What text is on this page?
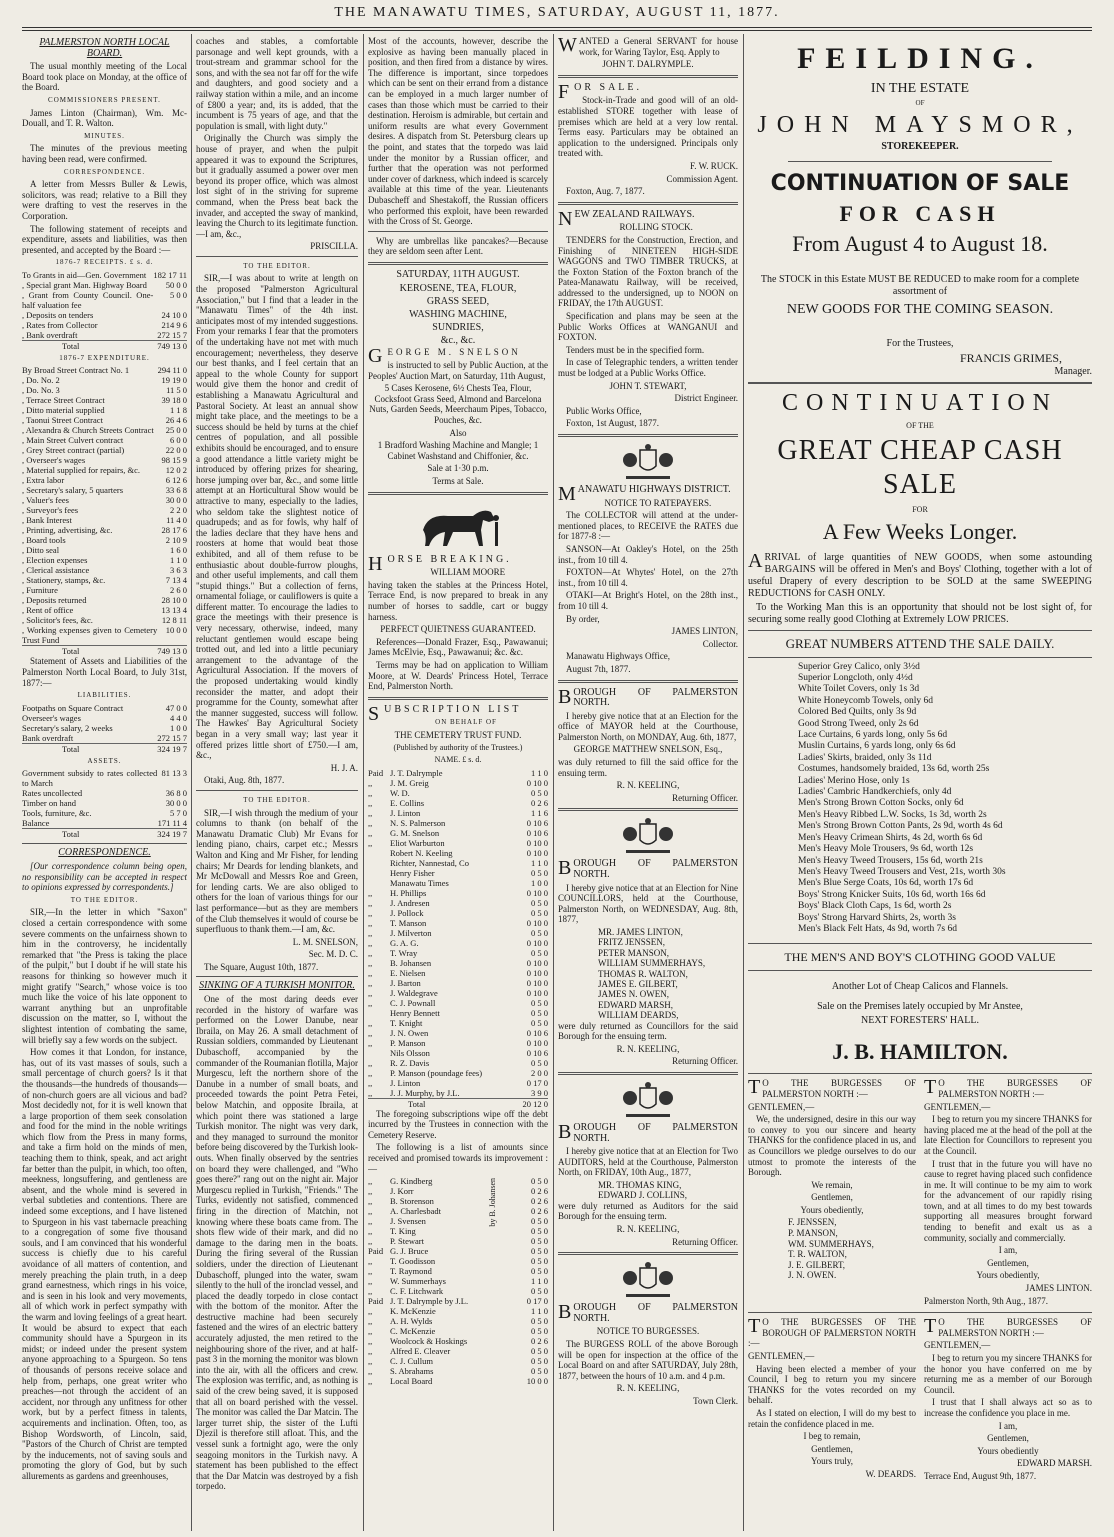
THE MANAWATU TIMES, SATURDAY, AUGUST 11, 1877.
PALMERSTON NORTH LOCAL BOARD.

The usual monthly meeting of the Local Board took place on Monday, at the office of the Board.

COMMISSIONERS PRESENT.

James Linton (Chairman), Wm. Mc-Douall, and T. R. Walton.

MINUTES.

The minutes of the previous meeting having been read, were confirmed.

CORRESPONDENCE.

A letter from Messrs Buller & Lewis, solicitors, was read; relative to a Bill they were drafting to vest the reserves in the Corporation.

The following statement of receipts and expenditure, assets and liabilities, was then presented, and accepted by the Board :—

1876-7 RECEIPTS. £ s. d.
To Grants in aid—Gen. Government	182 17 11
, Special grant Man. Highway Board	50 0 0
, Grant from County Council. One-half valuation fee	5 0 0
, Deposits on tenders	24 10 0
, Rates from Collector	214 9 6
, Bank overdraft	272 15 7
Total	749 13 0
1876-7 EXPENDITURE.
By Broad Street Contract No. 1	294 11 0
, Do. No. 2	19 19 0
, Do. No. 3	11 5 0
, Terrace Street Contract	39 18 0
, Ditto material supplied	1 1 8
, Taonui Street Contract	26 4 6
, Alexandra & Church Streets Contract	25 0 0
, Main Street Culvert contract	6 0 0
, Grey Street contract (partial)	22 0 0
, Overseer's wages	98 15 9
, Material supplied for repairs, &c.	12 0 2
, Extra labor	6 12 6
, Secretary's salary, 5 quarters	33 6 8
, Valuer's fees	30 0 0
, Surveyor's fees	2 2 0
, Bank Interest	11 4 0
, Printing, advertising, &c.	28 17 6
, Board tools	2 10 9
, Ditto seal	1 6 0
, Election expenses	1 1 0
, Clerical assistance	3 6 3
, Stationery, stamps, &c.	7 13 4
, Furniture	2 6 0
, Deposits returned	28 10 0
, Rent of office	13 13 4
, Solicitor's fees, &c.	12 8 11
, Working expenses given to Cemetery Trust Fund	10 0 0
Total	749 13 0

Statement of Assets and Liabilities of the Palmerston North Local Board, to July 31st, 1877:—

LIABILITIES.
Footpaths on Square Contract	47 0 0
Overseer's wages	4 4 0
Secretary's salary, 2 weeks	1 0 0
Bank overdraft	272 15 7
Total	324 19 7
ASSETS.
Government subsidy to rates collected to March	81 13 3
Rates uncollected	36 8 0
Timber on hand	30 0 0
Tools, furniture, &c.	5 7 0
Balance	171 11 4
Total	324 19 7
CORRESPONDENCE.

[Our correspondence column being open, no responsibility can be accepted in respect to opinions expressed by correspondents.]

TO THE EDITOR.

SIR,—In the letter in which "Saxon" closed a certain correspondence with some severe comments on the unfairness shown to him in the controversy, he incidentally remarked that "the Press is taking the place of the pulpit," but I doubt if he will state his reasons for thinking so however much it might gratify "Search," whose voice is too much like the voice of his late opponent to warrant anything but an unprofitable discussion on the matter, so I, without the slightest intention of combating the same, will briefly say a few words on the subject.

How comes it that London, for instance, has, out of its vast masses of souls, such a small percentage of church goers? Is it that the thousands—the hundreds of thousands—of non-church goers are all vicious and bad? Most decidedly not, for it is well known that a large proportion of them seek consolation and food for the mind in the noble writings which flow from the Press in many forms, and take a firm hold on the minds of men, teaching them to think, speak, and act aright far better than the pulpit, in which, too often, meekness, longsuffering, and gentleness are absent, and the whole mind is severed in verbal subtleties and contentions. There are indeed some exceptions, and I have listened to Spurgeon in his vast tabernacle preaching to a congregation of some five thousand souls, and I am convinced that his wonderful success is chiefly due to his careful avoidance of all matters of contention, and merely preaching the plain truth, in a deep grand earnestness, which rings in his voice, and is seen in his look and very movements, all of which work in perfect sympathy with the warm and loving feelings of a great heart. It would be absurd to expect that each community should have a Spurgeon in its midst; or indeed under the present system anyone approaching to a Spurgeon. So tens of thousands of persons receive solace and help from, perhaps, one great writer who preaches—not through the accident of an accident, nor through any unfitness for other work, but by a perfect fitness in talents, acquirements and inclination. Often, too, as Bishop Wordsworth, of Lincoln, said, "Pastors of the Church of Christ are tempted by the inducements, not of saving souls and promoting the glory of God, but by such allurements as gardens and greenhouses,

coaches and stables, a comfortable parsonage and well kept grounds, with a trout-stream and grammar school for the sons, and with the sea not far off for the wife and daughters, and good society and a railway station within a mile, and an income of £800 a year; and, its is added, that the incumbent is 75 years of age, and that the population is small, with light duty."

Originally the Church was simply the house of prayer, and when the pulpit appeared it was to expound the Scriptures, but it gradually assumed a power over men beyond its proper office, which was almost lost sight of in the striving for supreme command, when the Press beat back the invader, and accepted the sway of mankind, leaving the Church to its legitimate function.—I am, &c.,

PRISCILLA.

TO THE EDITOR.

SIR,—I was about to write at length on the proposed "Palmerston Agricultural Association," but I find that a leader in the "Manawatu Times" of the 4th inst. anticipates most of my intended suggestions. From your remarks I fear that the promoters of the undertaking have not met with much encouragement; nevertheless, they deserve our best thanks, and I feel certain that an appeal to the whole County for support would give them the honor and credit of establishing a Manawatu Agricultural and Pastoral Society. At least an annual show might take place, and the meetings to be a success should be held by turns at the chief centres of population, and all possible exhibits should be encouraged, and to ensure a good attendance a little variety might be introduced by offering prizes for shearing, horse jumping over bar, &c., and some little attempt at an Horticultural Show would be attractive to many, especially to the ladies, who seldom take the slightest notice of quadrupeds; and as for fowls, why half of the ladies declare that they have hens and roosters at home that would beat those exhibited, and all of them refuse to be enthusiastic about double-furrow ploughs, and other useful implements, and call them "stupid things." But a collection of ferns, ornamental foliage, or cauliflowers is quite a different matter. To encourage the ladies to grace the meetings with their presence is very necessary, otherwise, indeed, many reluctant gentlemen would escape being trotted out, and led into a little pecuniary arrangement to the advantage of the Agricultural Association. If the movers of the proposed undertaking would kindly reconsider the matter, and adopt their programme for the County, somewhat after the manner suggested, success will follow. The Hawkes' Bay Agricultural Society began in a very small way; last year it offered prizes little short of £750.—I am, &c.,

H. J. A.

Otaki, Aug. 8th, 1877.

TO THE EDITOR.

SIR,—I wish through the medium of your columns to thank (on behalf of the Manawatu Dramatic Club) Mr Evans for lending piano, chairs, carpet etc.; Messrs Walton and King and Mr Fisher, for lending chairs; Mr Deards for lending blankets, and Mr McDowall and Messrs Roe and Green, for lending carts. We are also obliged to others for the loan of various things for our last performance—but as they are members of the Club themselves it would of course be superfluous to thank them.—I am, &c.

L. M. SNELSON,

Sec. M. D. C.

The Square, August 10th, 1877.

SINKING OF A TURKISH MONITOR.

One of the most daring deeds ever recorded in the history of warfare was performed on the Lower Danube, near Ibraila, on May 26. A small detachment of Russian soldiers, commanded by Lieutenant Dubaschoff, accompanied by the commander of the Roumanian flotilla, Major Murgescu, left the northern shore of the Danube in a number of small boats, and proceeded towards the point Petra Fetei, below Matchin, and opposite Ibraila, at which point there was stationed a large Turkish monitor. The night was very dark, and they managed to surround the monitor before being discovered by the Turkish look-outs. When finally observed by the sentries on board they were challenged, and "Who goes there?" rang out on the night air. Major Murgescu replied in Turkish, "Friends." The Turks, evidently not satisfied, commenced firing in the direction of Matchin, not knowing where these boats came from. The shots flew wide of their mark, and did no damage to the daring men in the boats. During the firing several of the Russian soldiers, under the direction of Lieutenant Dubaschoff, plunged into the water, swam silently to the hull of the ironclad vessel, and placed the deadly torpedo in close contact with the bottom of the monitor. After the destructive machine had been securely fastened and the wires of an electric battery accurately adjusted, the men retired to the neighbouring shore of the river, and at half-past 3 in the morning the monitor was blown into the air, with all the officers and crew. The explosion was terrific, and, as nothing is said of the crew being saved, it is supposed that all on board perished with the vessel. The monitor was called the Dar Matcin. The larger turret ship, the sister of the Lufti Djezil is therefore still afloat. This, and the vessel sunk a fortnight ago, were the only seagoing monitors in the Turkish navy. A statement has been published to the effect that the Dar Matcin was destroyed by a fish torpedo.

Most of the accounts, however, describe the explosive as having been manually placed in position, and then fired from a distance by wires. The difference is important, since torpedoes which can be sent on their errand from a distance can be employed in a much larger number of cases than those which must be carried to their destination. Heroism is admirable, but certain and uniform results are what every Government desires. A dispatch from St. Petersburg clears up the point, and states that the torpedo was laid under the monitor by a Russian officer, and further that the operation was not performed under cover of darkness, which indeed is scarcely available at this time of the year. Lieutenants Dubascheff and Shestakoff, the Russian officers who performed this exploit, have been rewarded with the Cross of St. George.

Why are umbrellas like pancakes?—Because they are seldom seen after Lent.

SATURDAY, 11TH AUGUST.

KEROSENE, TEA, FLOUR,
GRASS SEED,
WASHING MACHINE,
SUNDRIES,
&c., &c.

GEORGE M. SNELSON

is instructed to sell by Public Auction, at the Peoples' Auction Mart, on Saturday, 11th August,

5 Cases Kerosene, 6½ Chests Tea, Flour, Cocksfoot Grass Seed, Almond and Barcelona Nuts, Garden Seeds, Meerchaum Pipes, Tobacco, Pouches, &c.

Also

1 Bradford Washing Machine and Mangle; 1 Cabinet Washstand and Chiffonier, &c.

Sale at 1·30 p.m.

Terms at Sale.

HORSE BREAKING.

WILLIAM MOORE

having taken the stables at the Princess Hotel, Terrace End, is now prepared to break in any number of horses to saddle, cart or buggy harness.

PERFECT QUIETNESS GUARANTEED.

References—Donald Frazer, Esq., Pawawanui; James McElvie, Esq., Pawawanui; &c. &c.

Terms may be had on application to William Moore, at W. Deards' Princess Hotel, Terrace End, Palmerston North.

SUBSCRIPTION LIST

ON BEHALF OF

THE CEMETERY TRUST FUND.

(Published by authority of the Trustees.)

NAME. £ s. d.

Paid	J. T. Dalrymple	1 1 0
,,	J. M. Greig	0 10 0
,,	W. D.	0 5 0
,,	E. Collins	0 2 6
,,	J. Linton	1 1 6
,,	N. S. Palmerson	0 10 6
,,	G. M. Snelson	0 10 6
,,	Eliot Warburton	0 10 0
	Robert N. Keeling	0 10 0
	Richter, Nannestad, Co	1 1 0
	Henry Fisher	0 5 0
	Manawatu Times	1 0 0
,,	H. Phillips	0 10 0
,,	J. Andresen	0 5 0
,,	J. Pollock	0 5 0
,,	T. Manson	0 10 0
,,	J. Milverton	0 5 0
,,	G. A. G.	0 10 0
,,	T. Wray	0 5 0
,,	B. Johansen	0 10 0
,,	E. Nielsen	0 10 0
,,	J. Barton	0 10 0
,,	J. Waldegrave	0 10 0
,,	C. J. Pownall	0 5 0
	Henry Bennett	0 5 0
,,	T. Knight	0 5 0
,,	J. N. Owen	0 10 6
,,	P. Manson	0 10 0
	Nils Olsson	0 10 6
,,	R. Z. Davis	0 5 0
,,	P. Manson (poundage fees)	2 0 0
,,	J. Linton	0 17 0
,,	J. J. Murphy, by J.L.	3 9 0
Total	20 12 0

The foregoing subscriptions wipe off the debt incurred by the Trustees in connection with the Cemetery Reserve.

The following is a list of amounts since received and promised towards its improvement :—

,,	G. Kindberg	0 5 0
,,	J. Korr	0 2 6
,,	B. Storenson	0 2 6
,,	A. Charlesbadt	0 2 6
,,	J. Svensen	0 5 0
,,	T. King	0 5 0
,,	P. Stewart	0 5 0
Paid	G. J. Bruce	0 5 0
,,	T. Goodisson	0 5 0
,,	T. Raymond	0 5 0
,,	W. Summerhays	1 1 0
,,	C. F. Litchwark	0 5 0
Paid	J. T. Dalrymple by J.L.	0 17 0
,,	K. McKenzie	1 1 0
,,	A. H. Wylds	0 5 0
,,	C. McKenzie	0 5 0
,,	Woolcock & Hoskings	0 2 6
,,	Alfred E. Cleaver	0 5 0
,,	C. J. Cullum	0 5 0
,,	S. Abrahams	0 5 0
,,	Local Board	10 0 0
by B. Johansen

WANTED a General SERVANT for house work, for Waring Taylor, Esq. Apply to

JOHN T. DALRYMPLE.

FOR SALE.

Stock-in-Trade and good will of an old-established STORE together with lease of premises which are held at a very low rental. Terms easy. Particulars may be obtained an application to the undersigned. Principals only treated with.

F. W. RUCK.

Commission Agent.

Foxton, Aug. 7, 1877.

NEW ZEALAND RAILWAYS.

ROLLING STOCK.

TENDERS for the Construction, Erection, and Finishing of NINETEEN HIGH-SIDE WAGGONS and TWO TIMBER TRUCKS, at the Foxton Station of the Foxton branch of the Patea-Manawatu Railway, will be received, addressed to the undersigned, up to NOON on FRIDAY, the 17th AUGUST.

Specification and plans may be seen at the Public Works Offices at WANGANUI and FOXTON.

Tenders must be in the specified form.

In case of Telegraphic tenders, a written tender must be lodged at a Public Works Office.

JOHN T. STEWART,

District Engineer.

Public Works Office,

Foxton, 1st August, 1877.

MANAWATU HIGHWAYS DISTRICT.

NOTICE TO RATEPAYERS.

The COLLECTOR will attend at the under-mentioned places, to RECEIVE the RATES due for 1877-8 :—

SANSON—At Oakley's Hotel, on the 25th inst., from 10 till 4.

FOXTON—At Whytes' Hotel, on the 27th inst., from 10 till 4.

OTAKI—At Bright's Hotel, on the 28th inst., from 10 till 4.

By order,

JAMES LINTON,

Collector.

Manawatu Highways Office,

August 7th, 1877.

BOROUGH OF PALMERSTON NORTH.

I hereby give notice that at an Election for the office of MAYOR held at the Courthouse, Palmerston North, on MONDAY, Aug. 6th, 1877,

GEORGE MATTHEW SNELSON, Esq.,

was duly returned to fill the said office for the ensuing term.

R. N. KEELING,

Returning Officer.

BOROUGH OF PALMERSTON NORTH.

I hereby give notice that at an Election for Nine COUNCILLORS, held at the Courthouse, Palmerston North, on WEDNESDAY, Aug. 8th, 1877,

MR. JAMES LINTON,
FRITZ JENSSEN,
PETER MANSON,
WILLIAM SUMMERHAYS,
THOMAS R. WALTON,
JAMES E. GILBERT,
JAMES N. OWEN,
EDWARD MARSH,
WILLIAM DEARDS,

were duly returned as Councillors for the said Borough for the ensuing term.

R. N. KEELING,

Returning Officer.

BOROUGH OF PALMERSTON NORTH.

I hereby give notice that at an Election for Two AUDITORS, held at the Courthouse, Palmerston North, on FRIDAY, 10th Aug., 1877,

MR. THOMAS KING,
EDWARD J. COLLINS,

were duly returned as Auditors for the said Borough for the ensuing term.

R. N. KEELING,

Returning Officer.

BOROUGH OF PALMERSTON NORTH.

NOTICE TO BURGESSES.

The BURGESS ROLL of the above Borough will be open for inspection at the office of the Local Board on and after SATURDAY, July 28th, 1877, between the hours of 10 a.m. and 4 p.m.

R. N. KEELING,

Town Clerk.

FEILDING.

IN THE ESTATE

OF

JOHN MAYSMOR,

STOREKEEPER.

CONTINUATION OF SALE

FOR CASH

From August 4 to August 18.

The STOCK in this Estate MUST BE REDUCED to make room for a complete assortment of

NEW GOODS FOR THE COMING SEASON.

For the Trustees,

FRANCIS GRIMES,

Manager.

CONTINUATION

OF THE

GREAT CHEAP CASH SALE

FOR

A Few Weeks Longer.

ARRIVAL of large quantities of NEW GOODS, when some astounding BARGAINS will be offered in Men's and Boys' Clothing, together with a lot of useful Drapery of every description to be SOLD at the same SWEEPING REDUCTIONS for CASH ONLY.

To the Working Man this is an opportunity that should not be lost sight of, for securing some really good Clothing at Extremely LOW PRICES.

GREAT NUMBERS ATTEND THE SALE DAILY.

Superior Grey Calico, only 3½d
Superior Longcloth, only 4½d
White Toilet Covers, only 1s 3d
White Honeycomb Towels, only 6d
Colored Bed Quilts, only 3s 9d
Good Strong Tweed, only 2s 6d
Lace Curtains, 6 yards long, only 5s 6d
Muslin Curtains, 6 yards long, only 6s 6d
Ladies' Skirts, braided, only 3s 11d
Costumes, handsomely braided, 13s 6d, worth 25s
Ladies' Merino Hose, only 1s
Ladies' Cambric Handkerchiefs, only 4d
Men's Strong Brown Cotton Socks, only 6d
Men's Heavy Ribbed L.W. Socks, 1s 3d, worth 2s
Men's Strong Brown Cotton Pants, 2s 9d, worth 4s 6d
Men's Heavy Crimean Shirts, 4s 2d, worth 6s 6d
Men's Heavy Mole Trousers, 9s 6d, worth 12s
Men's Heavy Tweed Trousers, 15s 6d, worth 21s
Men's Heavy Tweed Trousers and Vest, 21s, worth 30s
Men's Blue Serge Coats, 10s 6d, worth 17s 6d
Boys' Strong Knicker Suits, 10s 6d, worth 16s 6d
Boys' Black Cloth Caps, 1s 6d, worth 2s
Boys' Strong Harvard Shirts, 2s, worth 3s
Men's Black Felt Hats, 4s 9d, worth 7s 6d

THE MEN'S AND BOY'S CLOTHING GOOD VALUE

Another Lot of Cheap Calicos and Flannels.

Sale on the Premises lately occupied by Mr Anstee,

NEXT FORESTERS' HALL.

J. B. HAMILTON.

TO THE BURGESSES OF PALMERSTON NORTH :—

GENTLEMEN,—

We, the undersigned, desire in this our way to convey to you our sincere and hearty THANKS for the confidence placed in us, and as Councillors we pledge ourselves to do our utmost to promote the interests of the Borough.

We remain,

Gentlemen,

Yours obediently,

F. JENSSEN,
P. MANSON,
WM. SUMMERHAYS,
T. R. WALTON,
J. E. GILBERT,
J. N. OWEN.

TO THE BURGESSES OF PALMERSTON NORTH :—

GENTLEMEN,—

I beg to return you my sincere THANKS for having placed me at the head of the poll at the late Election for Councillors to represent you at the Council.

I trust that in the future you will have no cause to regret having placed such confidence in me. It will continue to be my aim to work for the advancement of our rapidly rising town, and at all times to do my best towards supporting all measures brought forward tending to benefit and exalt us as a community, socially and commercially.

I am,

Gentlemen,

Yours obediently,

JAMES LINTON.

Palmerston North, 9th Aug., 1877.

TO THE BURGESSES OF THE BOROUGH OF PALMERSTON NORTH :—

GENTLEMEN,—

Having been elected a member of your Council, I beg to return you my sincere THANKS for the votes recorded on my behalf.

As I stated on election, I will do my best to retain the confidence placed in me.

I beg to remain,

Gentlemen,

Yours truly,

W. DEARDS.

TO THE BURGESSES OF PALMERSTON NORTH :—

GENTLEMEN,—

I beg to return you my sincere THANKS for the honor you have conferred on me by returning me as a member of our Borough Council.

I trust that I shall always act so as to increase the confidence you place in me.

I am,

Gentlemen,

Yours obediently

EDWARD MARSH.

Terrace End, August 9th, 1877.
